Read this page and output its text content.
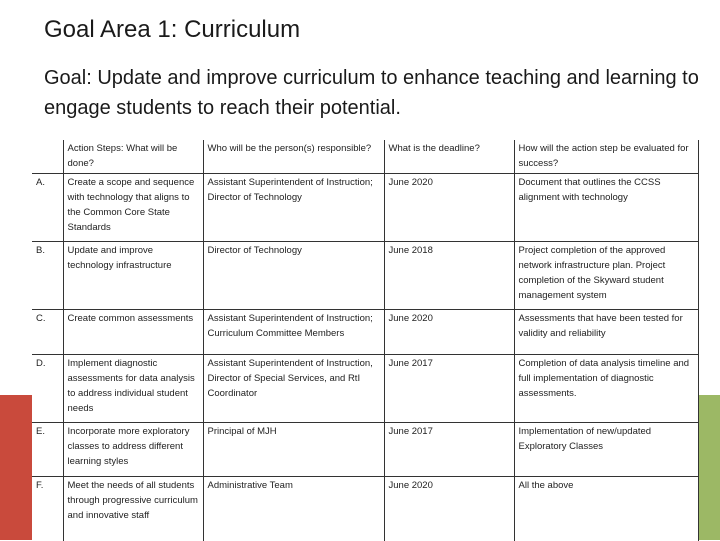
Goal Area 1: Curriculum

Goal: Update and improve curriculum to enhance teaching and learning to engage students to reach their potential.

	Action Steps: What will be done?	Who will be the person(s) responsible?	What is the deadline?	How will the action step be evaluated for success?
A.	Create a scope and sequence with technology that aligns to the Common Core State Standards	Assistant Superintendent of Instruction; Director of Technology	June 2020	Document that outlines the CCSS alignment with technology
B.	Update and improve technology infrastructure	Director of Technology	June 2018	Project completion of the approved network infrastructure plan. Project completion of the Skyward student management system
C.	Create common assessments	Assistant Superintendent of Instruction; Curriculum Committee Members	June 2020	Assessments that have been tested for validity and reliability
D.	Implement diagnostic assessments for data analysis to address individual student needs	Assistant Superintendent of Instruction, Director of Special Services, and RtI Coordinator	June 2017	Completion of data analysis timeline and full implementation of diagnostic assessments.
E.	Incorporate more exploratory classes to address different learning styles	Principal of MJH	June 2017	Implementation of new/updated Exploratory Classes
F.	Meet the needs of all students through progressive curriculum and innovative staff	Administrative Team	June 2020	All the above
